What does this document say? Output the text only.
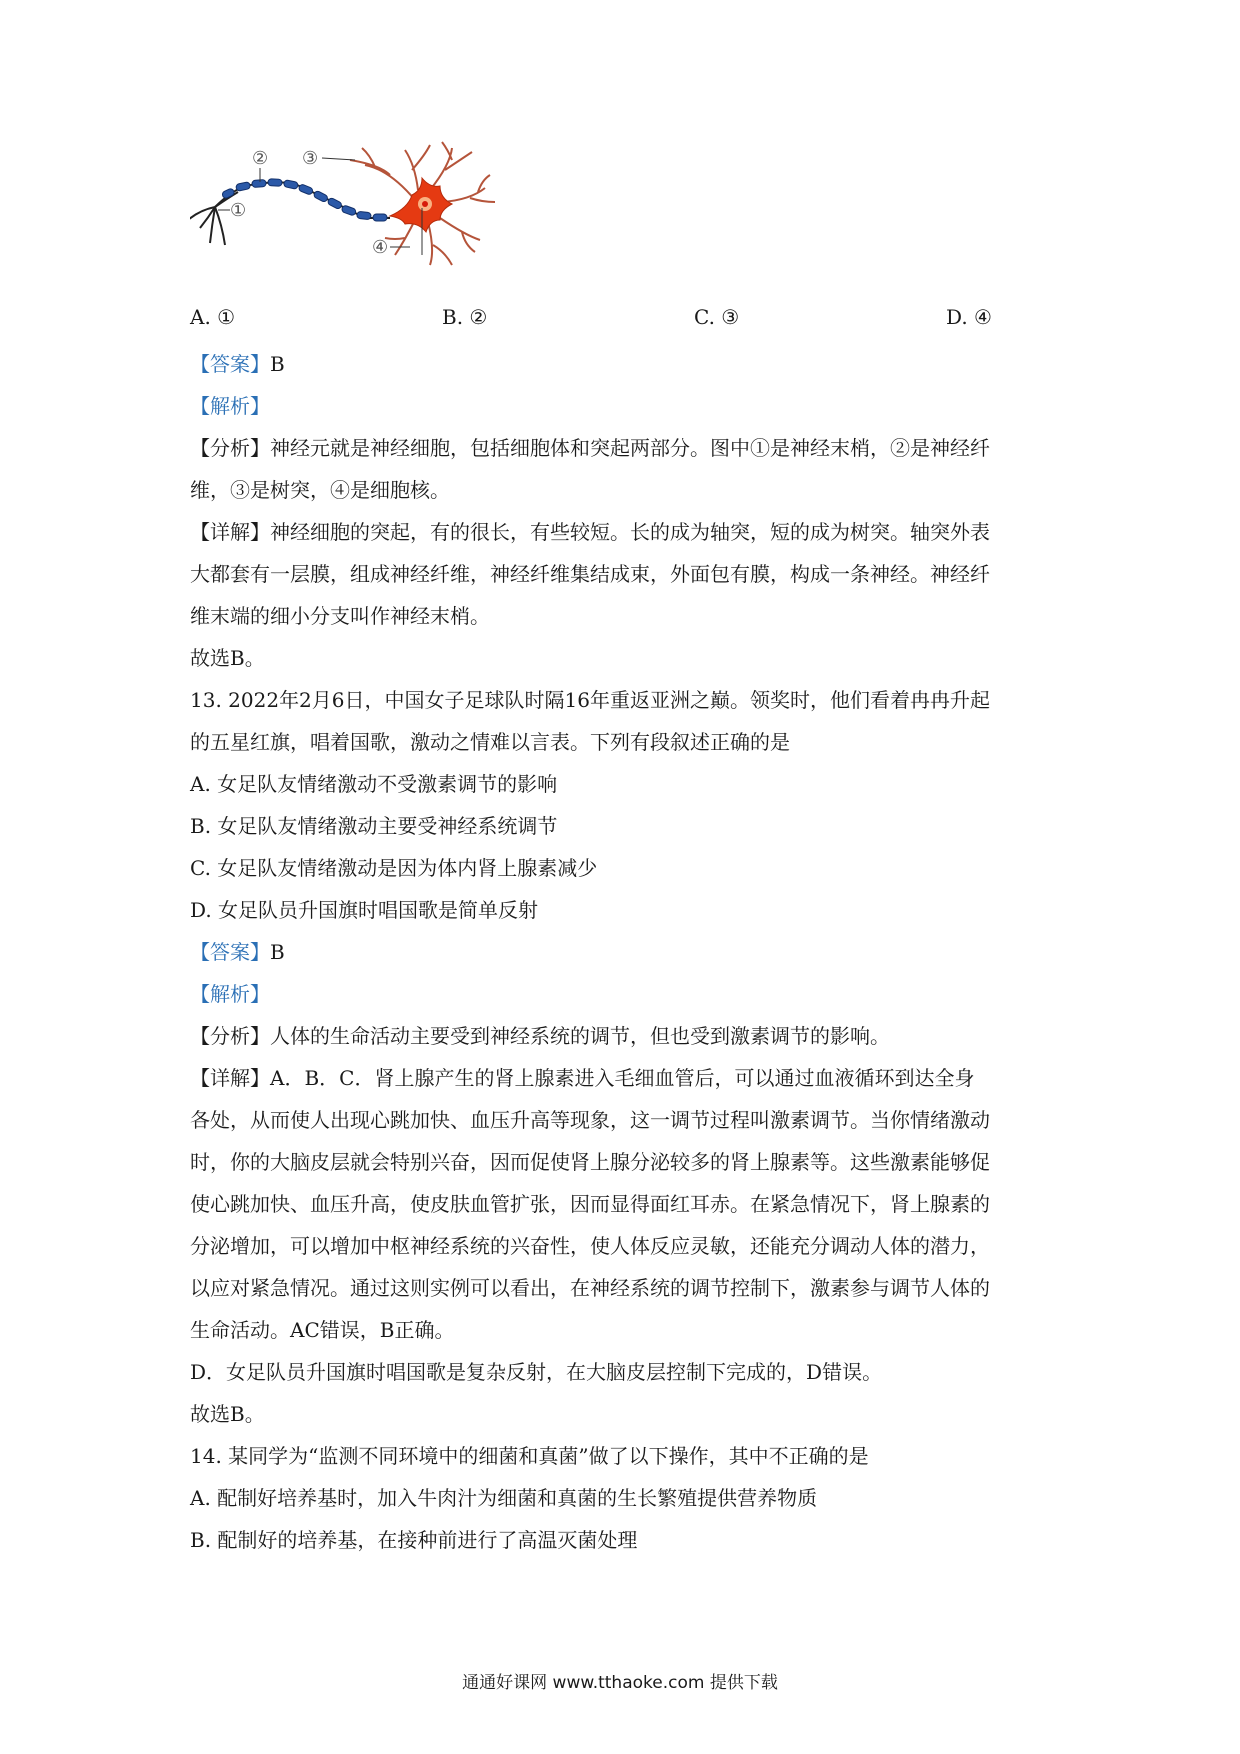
①
② ③
④
A. ①	B. ②	C. ③	D. ④
【答案】B
【解析】
【分析】神经元就是神经细胞，包括细胞体和突起两部分。图中①是神经末梢，②是神经纤
维，③是树突，④是细胞核。
【详解】神经细胞的突起，有的很长，有些较短。长的成为轴突，短的成为树突。轴突外表
大都套有一层膜，组成神经纤维，神经纤维集结成束，外面包有膜，构成一条神经。神经纤
维末端的细小分支叫作神经末梢。
故选B。
13. 2022年2月6日，中国女子足球队时隔16年重返亚洲之巅。领奖时，他们看着冉冉升起
的五星红旗，唱着国歌，激动之情难以言表。下列有段叙述正确的是
A. 女足队友情绪激动不受激素调节的影响
B. 女足队友情绪激动主要受神经系统调节
C. 女足队友情绪激动是因为体内肾上腺素减少
D. 女足队员升国旗时唱国歌是简单反射
【答案】B
【解析】
【分析】人体的生命活动主要受到神经系统的调节，但也受到激素调节的影响。
【详解】A．B．C．肾上腺产生的肾上腺素进入毛细血管后，可以通过血液循环到达全身
各处，从而使人出现心跳加快、血压升高等现象，这一调节过程叫激素调节。当你情绪激动
时，你的大脑皮层就会特别兴奋，因而促使肾上腺分泌较多的肾上腺素等。这些激素能够促
使心跳加快、血压升高，使皮肤血管扩张，因而显得面红耳赤。在紧急情况下，肾上腺素的
分泌增加，可以增加中枢神经系统的兴奋性，使人体反应灵敏，还能充分调动人体的潜力，
以应对紧急情况。通过这则实例可以看出，在神经系统的调节控制下，激素参与调节人体的
生命活动。AC错误，B正确。
D．女足队员升国旗时唱国歌是复杂反射，在大脑皮层控制下完成的，D错误。
故选B。
14. 某同学为“监测不同环境中的细菌和真菌”做了以下操作，其中不正确的是
A. 配制好培养基时，加入牛肉汁为细菌和真菌的生长繁殖提供营养物质
B. 配制好的培养基，在接种前进行了高温灭菌处理
通通好课网 www.tthaoke.com 提供下载
